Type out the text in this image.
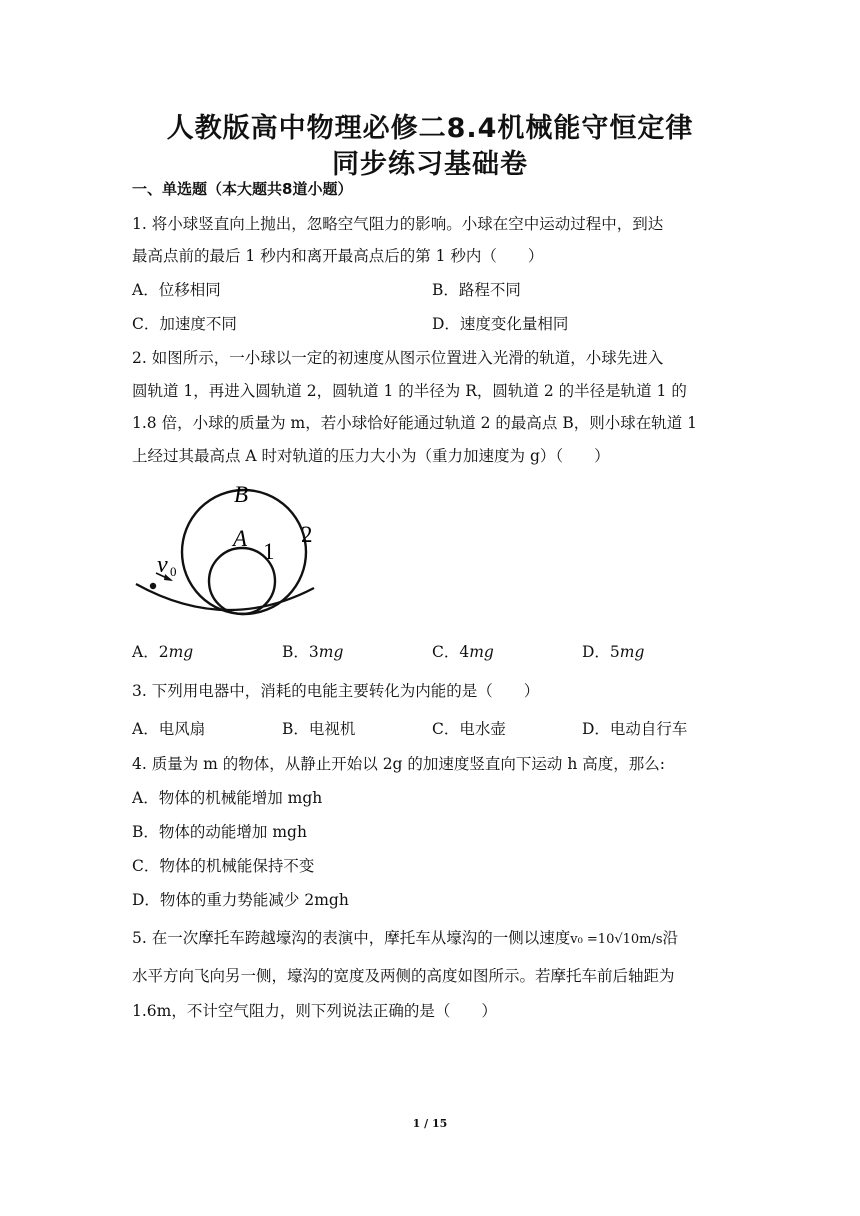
人教版高中物理必修二8.4机械能守恒定律
同步练习基础卷
一、单选题（本大题共8道小题）
1. 将小球竖直向上抛出，忽略空气阻力的影响。小球在空中运动过程中，到达
最高点前的最后 1 秒内和离开最高点后的第 1 秒内（　　）
A．位移相同	B．路程不同
C．加速度不同	D．速度变化量相同
2. 如图所示，一小球以一定的初速度从图示位置进入光滑的轨道，小球先进入
圆轨道 1，再进入圆轨道 2，圆轨道 1 的半径为 R，圆轨道 2 的半径是轨道 1 的
1.8 倍，小球的质量为 m，若小球恰好能通过轨道 2 的最高点 B，则小球在轨道 1
上经过其最高点 A 时对轨道的压力大小为（重力加速度为 g）（　　）
B
A
1
2
v 0
A．2mg	B．3mg	C．4mg	D．5mg
3. 下列用电器中，消耗的电能主要转化为内能的是（　　）
A．电风扇	B．电视机	C．电水壶	D．电动自行车
4. 质量为 m 的物体，从静止开始以 2g 的加速度竖直向下运动 h 高度，那么:
A．物体的机械能增加 mgh
B．物体的动能增加 mgh
C．物体的机械能保持不变
D．物体的重力势能减少 2mgh
5. 在一次摩托车跨越壕沟的表演中，摩托车从壕沟的一侧以速度v₀ =10√10m/s沿
水平方向飞向另一侧，壕沟的宽度及两侧的高度如图所示。若摩托车前后轴距为
1.6m，不计空气阻力，则下列说法正确的是（　　）
1 / 15
